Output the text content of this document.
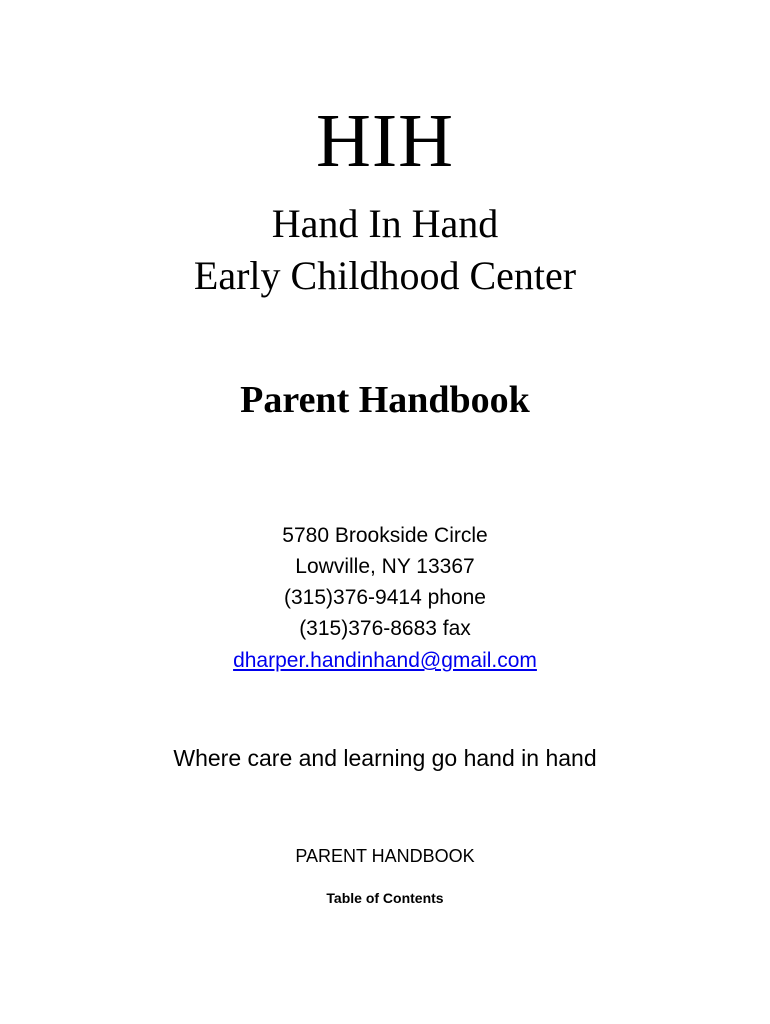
HIH
Hand In Hand
Early Childhood Center
Parent Handbook
5780 Brookside Circle
Lowville, NY 13367
(315)376-9414 phone
(315)376-8683 fax
dharper.handinhand@gmail.com
Where care and learning go hand in hand
PARENT HANDBOOK
Table of Contents
